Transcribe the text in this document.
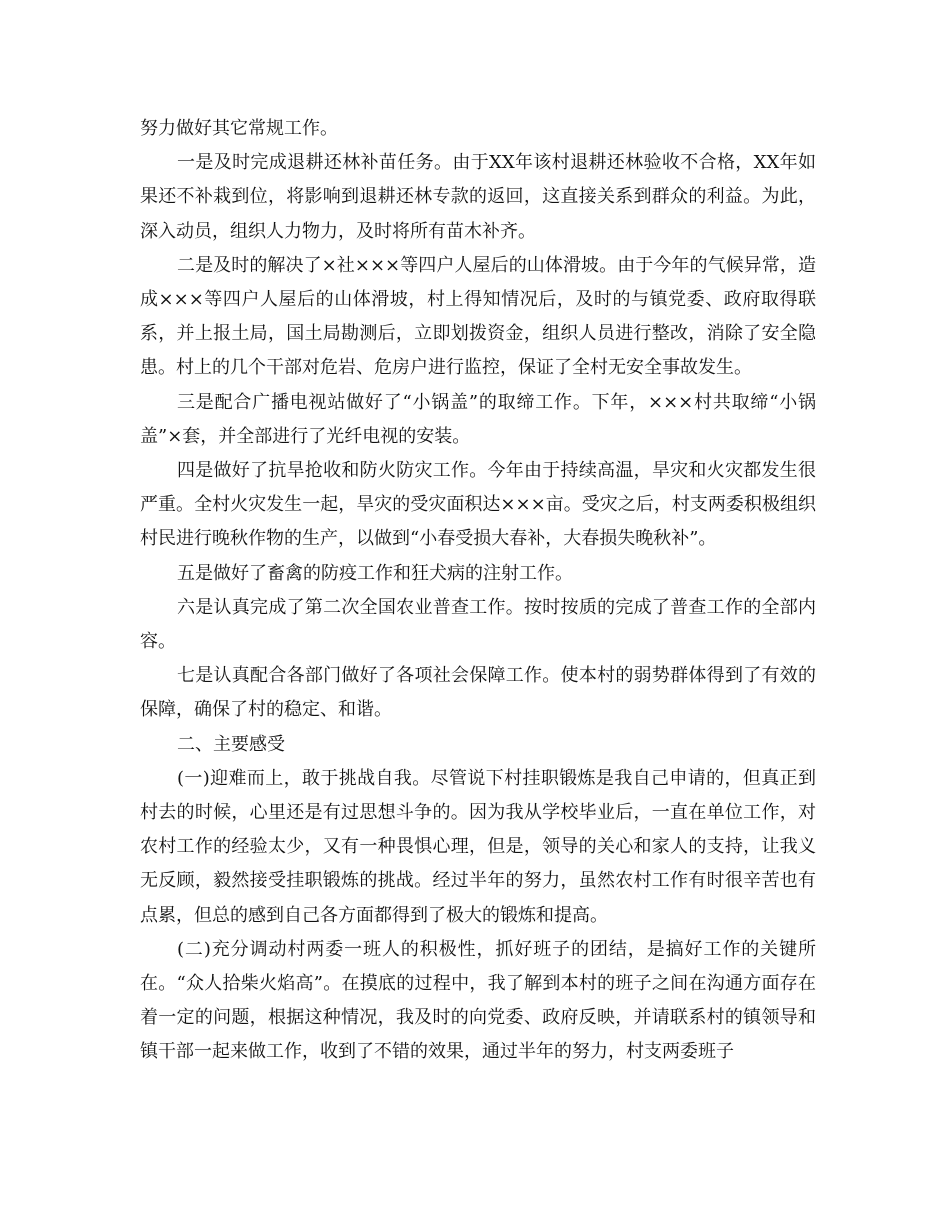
努力做好其它常规工作。

一是及时完成退耕还林补苗任务。由于XX年该村退耕还林验收不合格，XX年如果还不补栽到位，将影响到退耕还林专款的返回，这直接关系到群众的利益。为此，深入动员，组织人力物力，及时将所有苗木补齐。

二是及时的解决了×社×××等四户人屋后的山体滑坡。由于今年的气候异常，造成×××等四户人屋后的山体滑坡，村上得知情况后，及时的与镇党委、政府取得联系，并上报土局，国土局勘测后，立即划拨资金，组织人员进行整改，消除了安全隐患。村上的几个干部对危岩、危房户进行监控，保证了全村无安全事故发生。

三是配合广播电视站做好了“小锅盖”的取缔工作。下年，×××村共取缔“小锅盖”×套，并全部进行了光纤电视的安装。

四是做好了抗旱抢收和防火防灾工作。今年由于持续高温，旱灾和火灾都发生很严重。全村火灾发生一起，旱灾的受灾面积达×××亩。受灾之后，村支两委积极组织村民进行晚秋作物的生产，以做到“小春受损大春补，大春损失晚秋补”。

五是做好了畜禽的防疫工作和狂犬病的注射工作。

六是认真完成了第二次全国农业普查工作。按时按质的完成了普查工作的全部内容。

七是认真配合各部门做好了各项社会保障工作。使本村的弱势群体得到了有效的保障，确保了村的稳定、和谐。

二、主要感受

(一)迎难而上，敢于挑战自我。尽管说下村挂职锻炼是我自己申请的，但真正到村去的时候，心里还是有过思想斗争的。因为我从学校毕业后，一直在单位工作，对农村工作的经验太少，又有一种畏惧心理，但是，领导的关心和家人的支持，让我义无反顾，毅然接受挂职锻炼的挑战。经过半年的努力，虽然农村工作有时很辛苦也有点累，但总的感到自己各方面都得到了极大的锻炼和提高。

(二)充分调动村两委一班人的积极性，抓好班子的团结，是搞好工作的关键所在。“众人拾柴火焰高”。在摸底的过程中，我了解到本村的班子之间在沟通方面存在着一定的问题，根据这种情况，我及时的向党委、政府反映，并请联系村的镇领导和镇干部一起来做工作，收到了不错的效果，通过半年的努力，村支两委班子
